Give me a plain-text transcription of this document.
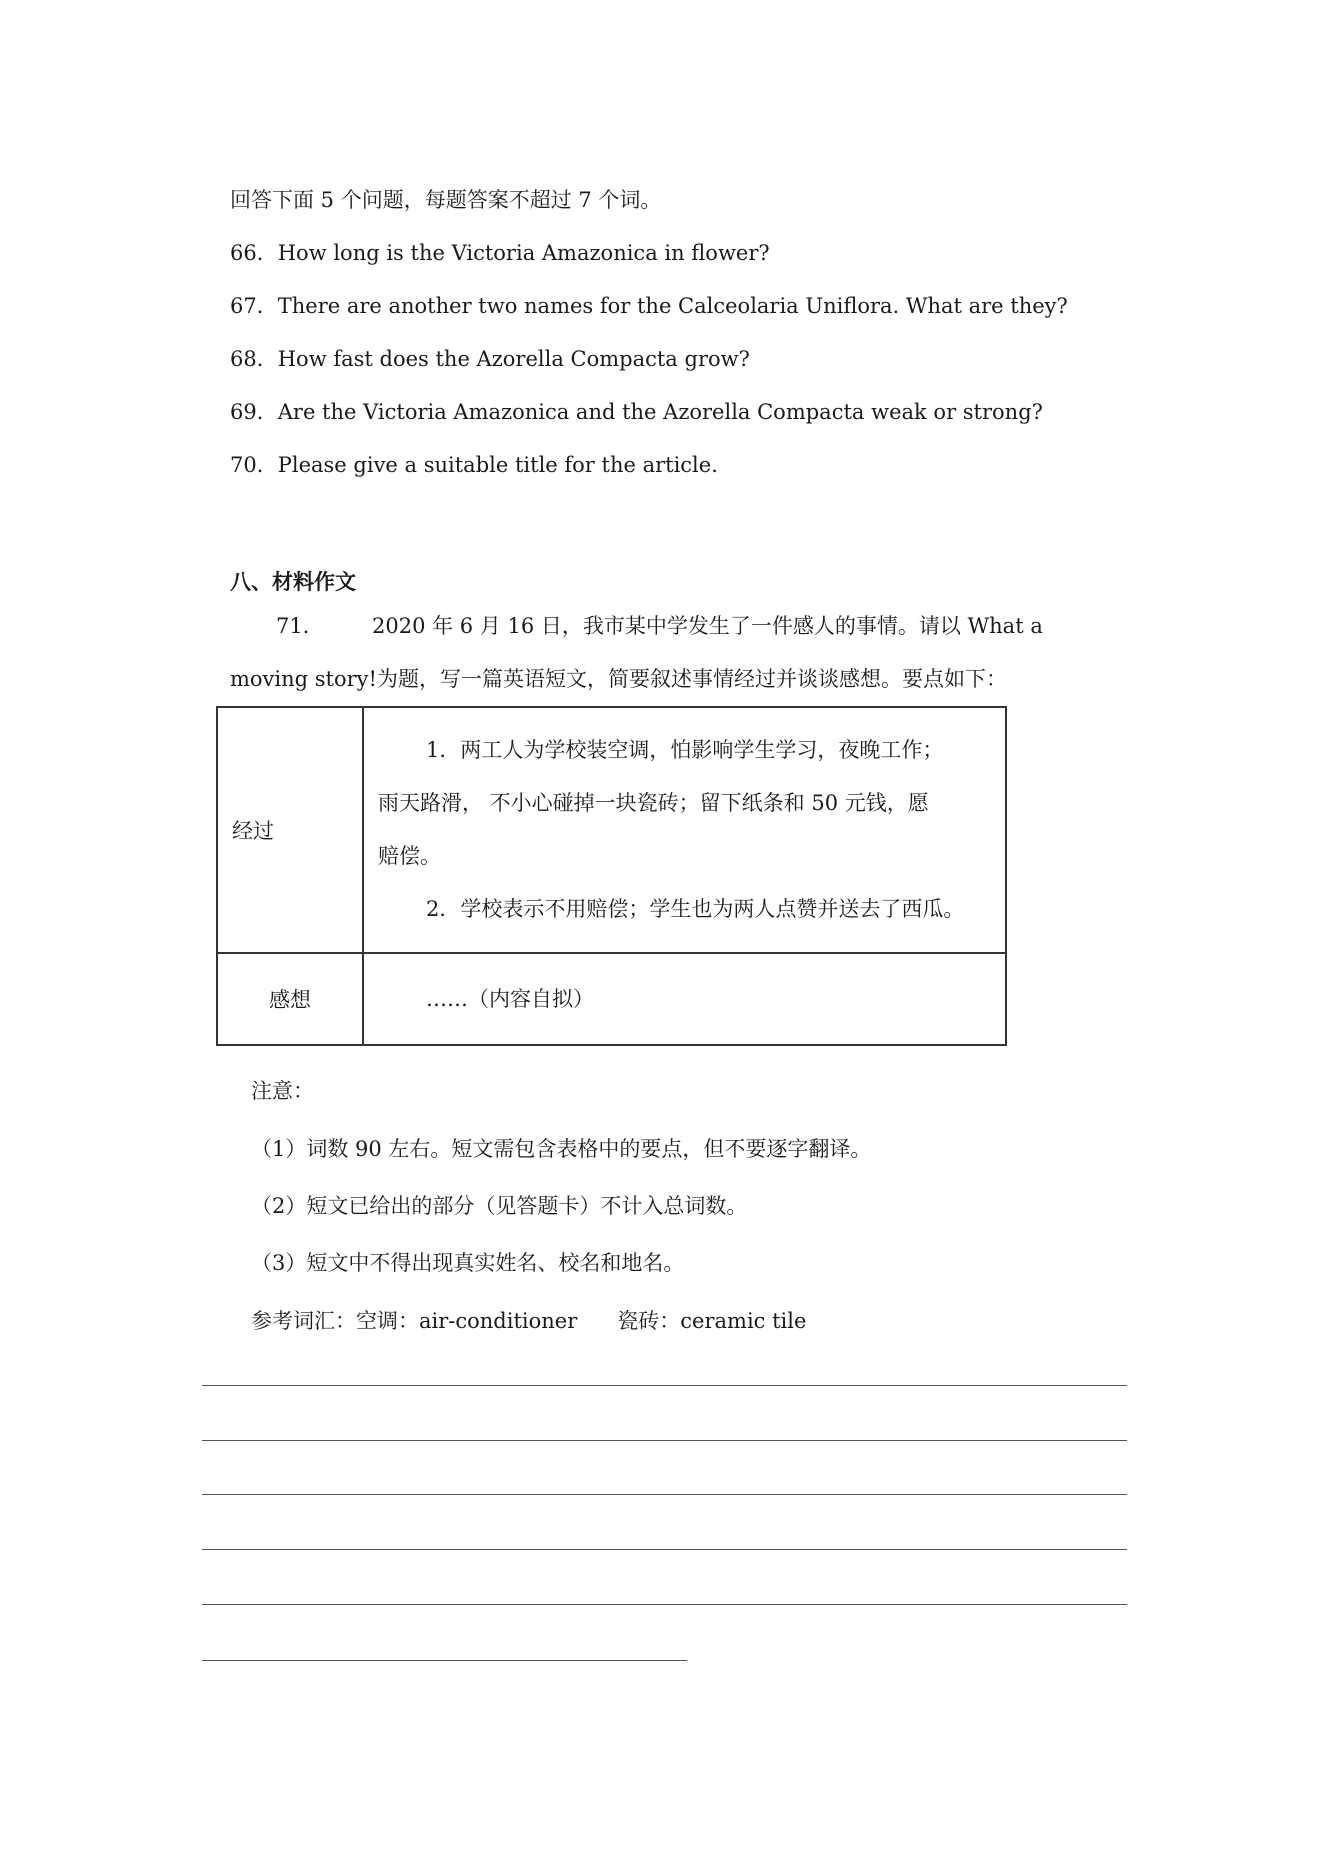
回答下面 5 个问题，每题答案不超过 7 个词。
66．How long is the Victoria Amazonica in flower?
67．There are another two names for the Calceolaria Uniflora. What are they?
68．How fast does the Azorella Compacta grow?
69．Are the Victoria Amazonica and the Azorella Compacta weak or strong?
70．Please give a suitable title for the article.
八、材料作文
71． 2020 年 6 月 16 日，我市某中学发生了一件感人的事情。请以 What a
moving story!为题，写一篇英语短文，简要叙述事情经过并谈谈感想。要点如下：
经过	1．两工人为学校装空调，怕影响学生学习，夜晚工作；
雨天路滑， 不小心碰掉一块瓷砖；留下纸条和 50 元钱，愿
赔偿。
2．学校表示不用赔偿；学生也为两人点赞并送去了西瓜。

感想	……（内容自拟）
注意：
（1）词数 90 左右。短文需包含表格中的要点，但不要逐字翻译。
（2）短文已给出的部分（见答题卡）不计入总词数。
（3）短文中不得出现真实姓名、校名和地名。
参考词汇：空调：air-conditioner      瓷砖：ceramic tile
